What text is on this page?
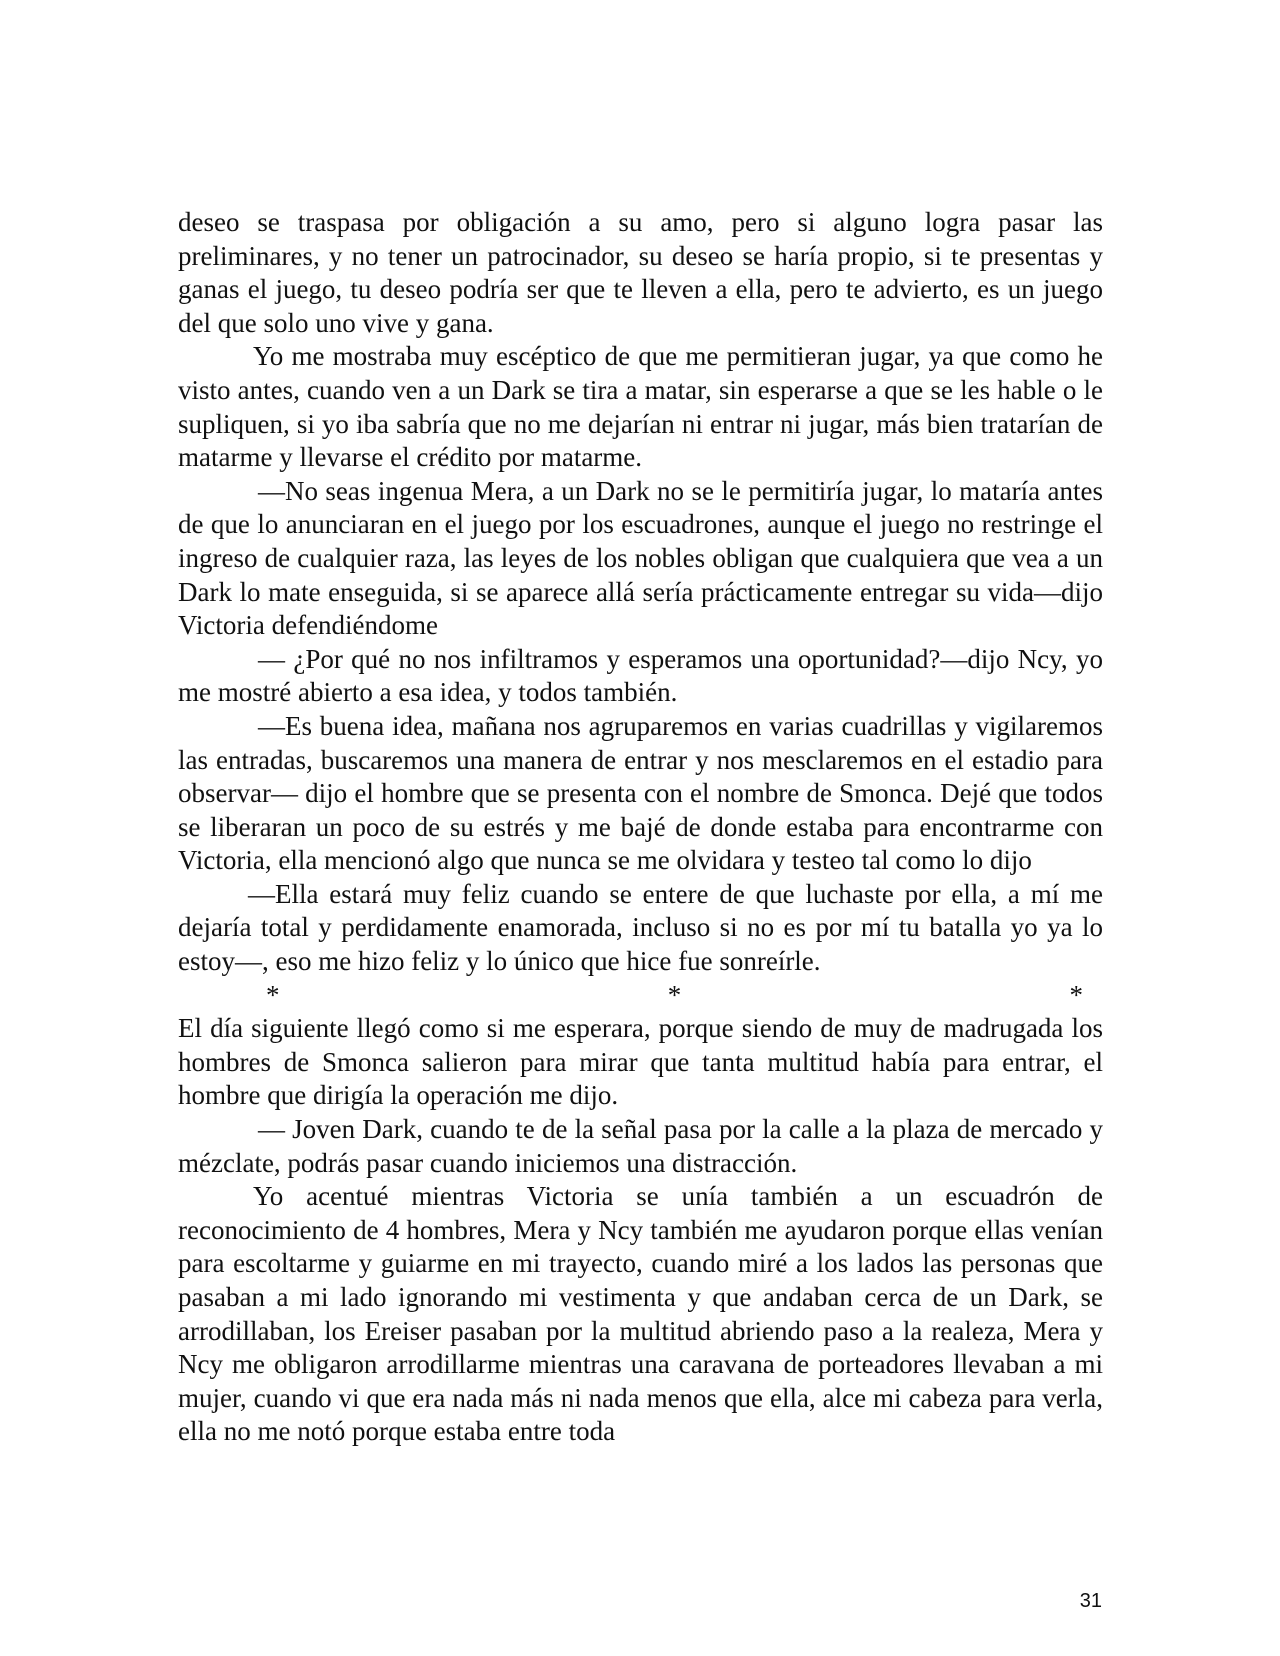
deseo se traspasa por obligación a su amo, pero si alguno logra pasar las preliminares, y no tener un patrocinador, su deseo se haría propio, si te presentas y ganas el juego, tu deseo podría ser que te lleven a ella, pero te advierto, es un juego del que solo uno vive y gana.

Yo me mostraba muy escéptico de que me permitieran jugar, ya que como he visto antes, cuando ven a un Dark se tira a matar, sin esperarse a que se les hable o le supliquen, si yo iba sabría que no me dejarían ni entrar ni jugar, más bien tratarían de matarme y llevarse el crédito por matarme.

—No seas ingenua Mera, a un Dark no se le permitiría jugar, lo mataría antes de que lo anunciaran en el juego por los escuadrones, aunque el juego no restringe el ingreso de cualquier raza, las leyes de los nobles obligan que cualquiera que vea a un Dark lo mate enseguida, si se aparece allá sería prácticamente entregar su vida—dijo Victoria defendiéndome

— ¿Por qué no nos infiltramos y esperamos una oportunidad?—dijo Ncy, yo me mostré abierto a esa idea, y todos también.

—Es buena idea, mañana nos agruparemos en varias cuadrillas y vigilaremos las entradas, buscaremos una manera de entrar y nos mesclaremos en el estadio para observar— dijo el hombre que se presenta con el nombre de Smonca. Dejé que todos se liberaran un poco de su estrés y me bajé de donde estaba para encontrarme con Victoria, ella mencionó algo que nunca se me olvidara y testeo tal como lo dijo

—Ella estará muy feliz cuando se entere de que luchaste por ella, a mí me dejaría total y perdidamente enamorada, incluso si no es por mí tu batalla yo ya lo estoy—, eso me hizo feliz y lo único que hice fue sonreírle.

*	*	*

El día siguiente llegó como si me esperara, porque siendo de muy de madrugada los hombres de Smonca salieron para mirar que tanta multitud había para entrar, el hombre que dirigía la operación me dijo.

— Joven Dark, cuando te de la señal pasa por la calle a la plaza de mercado y mézclate, podrás pasar cuando iniciemos una distracción.

Yo acentué mientras Victoria se unía también a un escuadrón de reconocimiento de 4 hombres, Mera y Ncy también me ayudaron porque ellas venían para escoltarme y guiarme en mi trayecto, cuando miré a los lados las personas que pasaban a mi lado ignorando mi vestimenta y que andaban cerca de un Dark, se arrodillaban, los Ereiser pasaban por la multitud abriendo paso a la realeza, Mera y Ncy me obligaron arrodillarme mientras una caravana de porteadores llevaban a mi mujer, cuando vi que era nada más ni nada menos que ella, alce mi cabeza para verla, ella no me notó porque estaba entre toda

31
